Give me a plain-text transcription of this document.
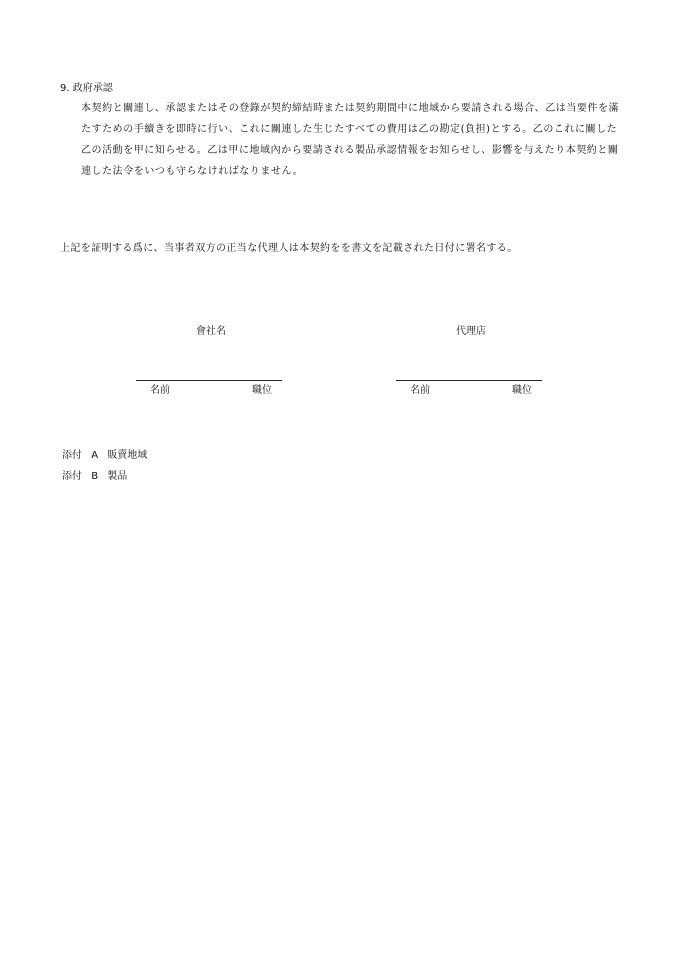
9. 政府承認

本契約と關連し、承認またはその登錄が契約締結時または契約期間中に地域から要請される場合、乙は当要件を滿たすための手續きを即時に行い、これに關連した生じたすべての費用は乙の勘定(負担)とする。乙のこれに關した乙の活動を甲に知らせる。乙は甲に地域內から要請される製品承認情報をお知らせし、影響を与えたり本契約と關連した法令をいつも守らなければなりません。

上記を証明する爲に、当事者双方の正当な代理人は本契約をを書文を記載された日付に署名する。
會社名
名前	職位
代理店
名前	職位
添付 A 販賣地域
添付 B 製品
